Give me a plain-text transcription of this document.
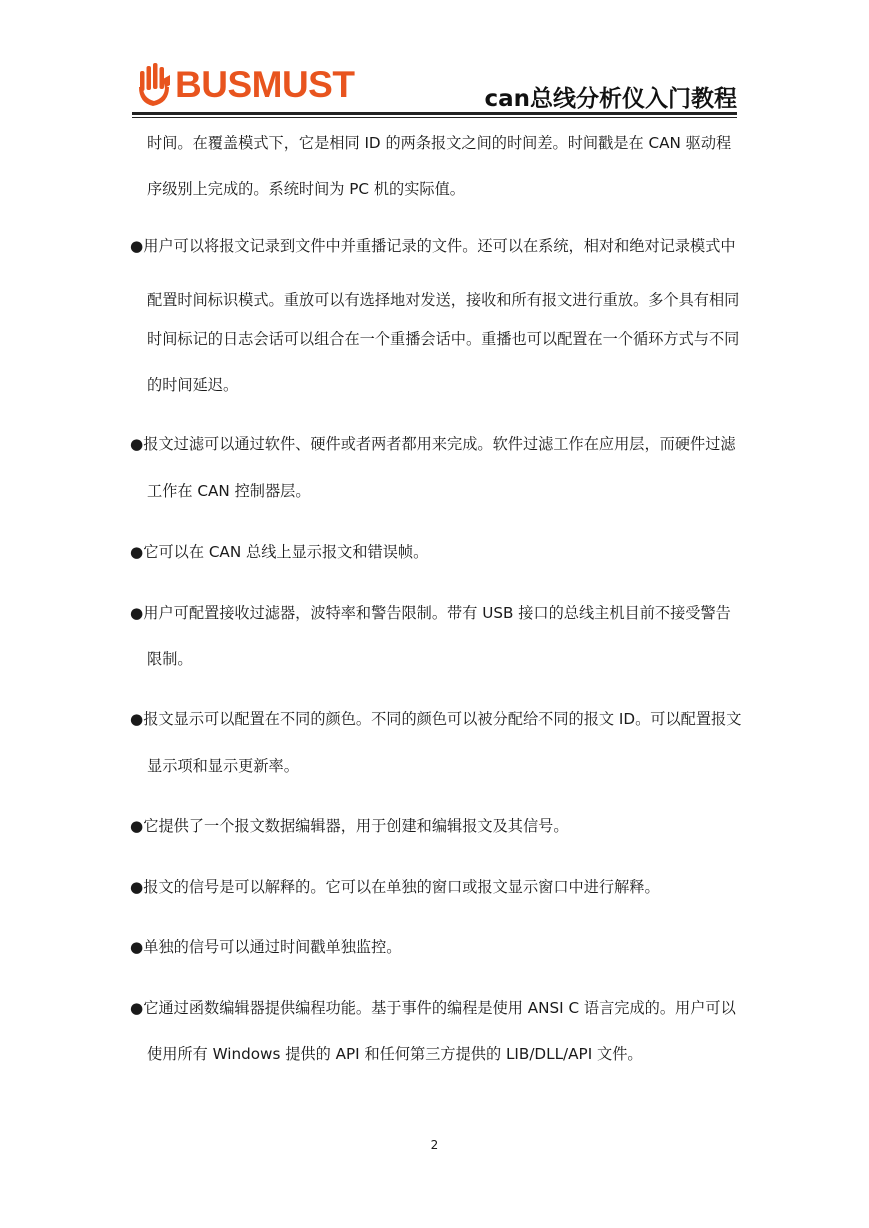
BUSMUST	can总线分析仪入门教程
时间。在覆盖模式下，它是相同 ID 的两条报文之间的时间差。时间戳是在 CAN 驱动程
序级别上完成的。系统时间为 PC 机的实际值。
●用户可以将报文记录到文件中并重播记录的文件。还可以在系统，相对和绝对记录模式中
配置时间标识模式。重放可以有选择地对发送，接收和所有报文进行重放。多个具有相同
时间标记的日志会话可以组合在一个重播会话中。重播也可以配置在一个循环方式与不同
的时间延迟。
●报文过滤可以通过软件、硬件或者两者都用来完成。软件过滤工作在应用层，而硬件过滤
工作在 CAN 控制器层。
●它可以在 CAN 总线上显示报文和错误帧。
●用户可配置接收过滤器，波特率和警告限制。带有 USB 接口的总线主机目前不接受警告
限制。
●报文显示可以配置在不同的颜色。不同的颜色可以被分配给不同的报文 ID。可以配置报文
显示项和显示更新率。
●它提供了一个报文数据编辑器，用于创建和编辑报文及其信号。
●报文的信号是可以解释的。它可以在单独的窗口或报文显示窗口中进行解释。
●单独的信号可以通过时间戳单独监控。
●它通过函数编辑器提供编程功能。基于事件的编程是使用 ANSI C 语言完成的。用户可以
使用所有 Windows 提供的 API 和任何第三方提供的 LIB/DLL/API 文件。
2
